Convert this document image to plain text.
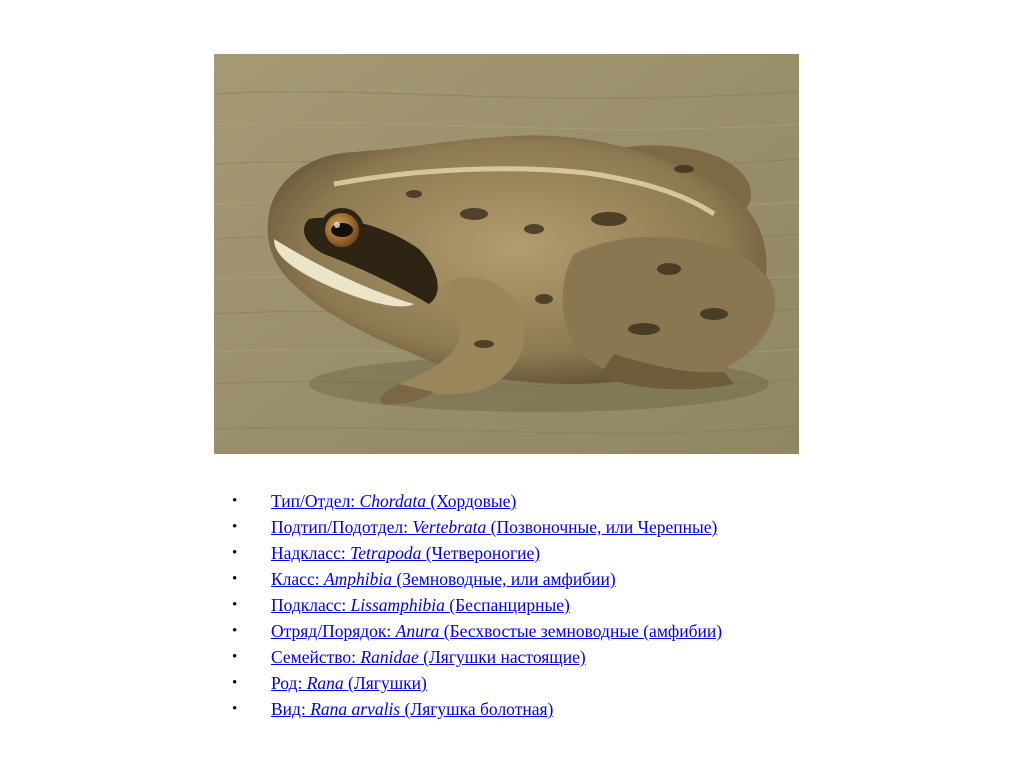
• Тип/Отдел: Chordata (Хордовые)
• Подтип/Подотдел: Vertebrata (Позвоночные, или Черепные)
• Надкласс: Tetrapoda (Четвероногие)
• Класс: Amphibia (Земноводные, или амфибии)
• Подкласс: Lissamphibia (Беспанцирные)
• Отряд/Порядок: Anura (Бесхвостые земноводные (амфибии)
• Семейство: Ranidae (Лягушки настоящие)
• Род: Rana (Лягушки)
• Вид: Rana arvalis (Лягушка болотная)
